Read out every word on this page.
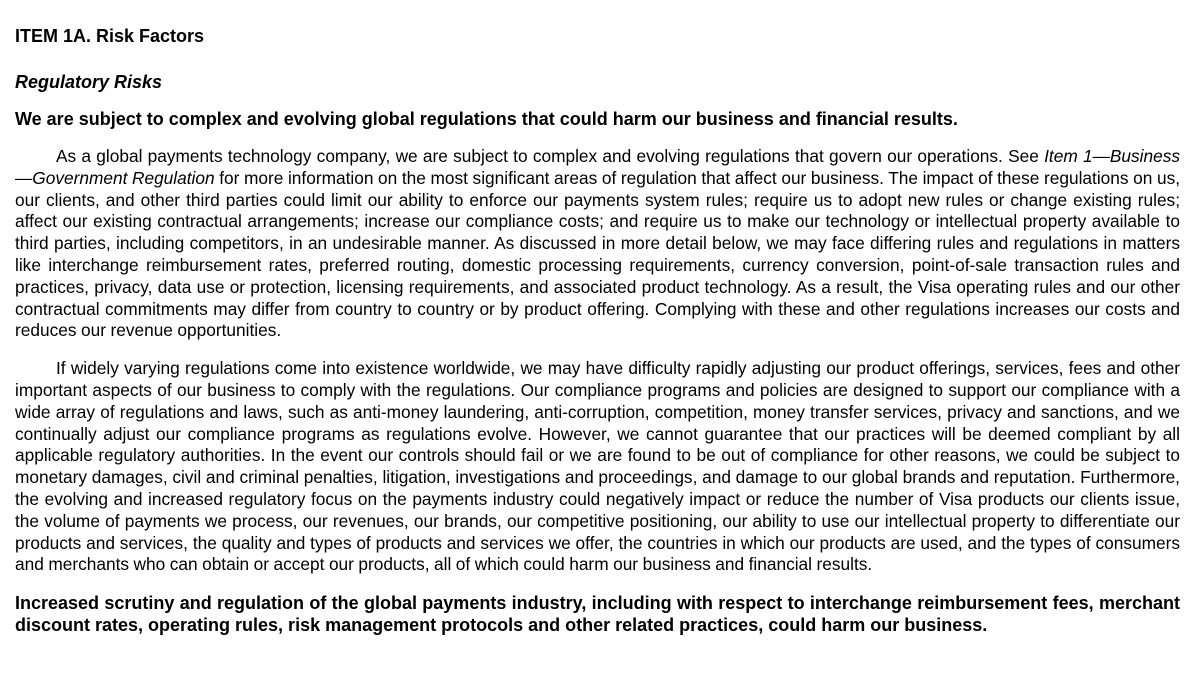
ITEM 1A. Risk Factors
Regulatory Risks
We are subject to complex and evolving global regulations that could harm our business and financial results.

As a global payments technology company, we are subject to complex and evolving regulations that govern our operations. See Item 1—Business—Government Regulation for more information on the most significant areas of regulation that affect our business. The impact of these regulations on us, our clients, and other third parties could limit our ability to enforce our payments system rules; require us to adopt new rules or change existing rules; affect our existing contractual arrangements; increase our compliance costs; and require us to make our technology or intellectual property available to third parties, including competitors, in an undesirable manner. As discussed in more detail below, we may face differing rules and regulations in matters like interchange reimbursement rates, preferred routing, domestic processing requirements, currency conversion, point-of-sale transaction rules and practices, privacy, data use or protection, licensing requirements, and associated product technology. As a result, the Visa operating rules and our other contractual commitments may differ from country to country or by product offering. Complying with these and other regulations increases our costs and reduces our revenue opportunities.

If widely varying regulations come into existence worldwide, we may have difficulty rapidly adjusting our product offerings, services, fees and other important aspects of our business to comply with the regulations. Our compliance programs and policies are designed to support our compliance with a wide array of regulations and laws, such as anti-money laundering, anti-corruption, competition, money transfer services, privacy and sanctions, and we continually adjust our compliance programs as regulations evolve. However, we cannot guarantee that our practices will be deemed compliant by all applicable regulatory authorities. In the event our controls should fail or we are found to be out of compliance for other reasons, we could be subject to monetary damages, civil and criminal penalties, litigation, investigations and proceedings, and damage to our global brands and reputation. Furthermore, the evolving and increased regulatory focus on the payments industry could negatively impact or reduce the number of Visa products our clients issue, the volume of payments we process, our revenues, our brands, our competitive positioning, our ability to use our intellectual property to differentiate our products and services, the quality and types of products and services we offer, the countries in which our products are used, and the types of consumers and merchants who can obtain or accept our products, all of which could harm our business and financial results.

Increased scrutiny and regulation of the global payments industry, including with respect to interchange reimbursement fees, merchant discount rates, operating rules, risk management protocols and other related practices, could harm our business.
